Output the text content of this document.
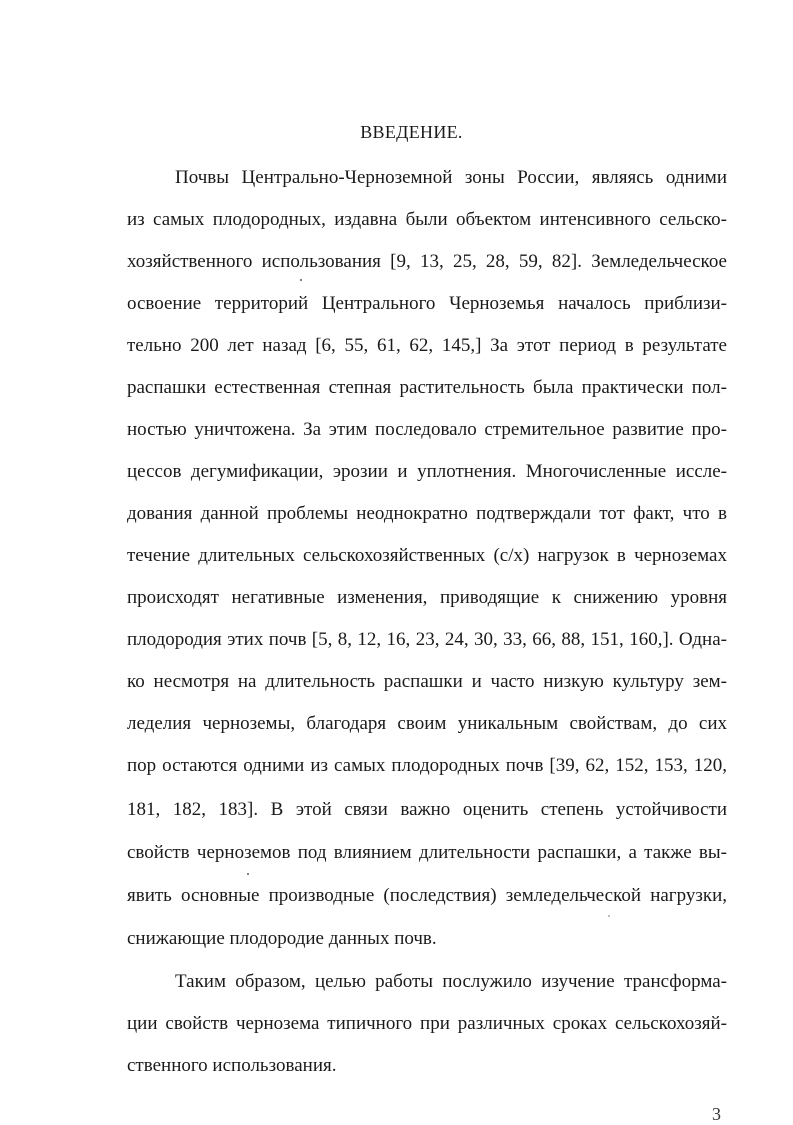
ВВЕДЕНИЕ.
Почвы Центрально-Черноземной зоны России, являясь одними
из самых плодородных, издавна были объектом интенсивного сельско-
хозяйственного использования [9, 13, 25, 28, 59, 82]. Земледельческое
освоение территорий Центрального Черноземья началось приблизи-
тельно 200 лет назад [6, 55, 61, 62, 145,] За этот период в результате
распашки естественная степная растительность была практически пол-
ностью уничтожена. За этим последовало стремительное развитие про-
цессов дегумификации, эрозии и уплотнения. Многочисленные иссле-
дования данной проблемы неоднократно подтверждали тот факт, что в
течение длительных сельскохозяйственных (с/х) нагрузок в черноземах
происходят негативные изменения, приводящие к снижению уровня
плодородия этих почв [5, 8, 12, 16, 23, 24, 30, 33, 66, 88, 151, 160,]. Одна-
ко несмотря на длительность распашки и часто низкую культуру зем-
леделия черноземы, благодаря своим уникальным свойствам, до сих
пор остаются одними из самых плодородных почв [39, 62, 152, 153, 120,
181, 182, 183]. В этой связи важно оценить степень устойчивости
свойств черноземов под влиянием длительности распашки, а также вы-
явить основные производные (последствия) земледельческой нагрузки,
снижающие плодородие данных почв.
Таким образом, целью работы послужило изучение трансформа-
ции свойств чернозема типичного при различных сроках сельскохозяй-
ственного использования.
3
